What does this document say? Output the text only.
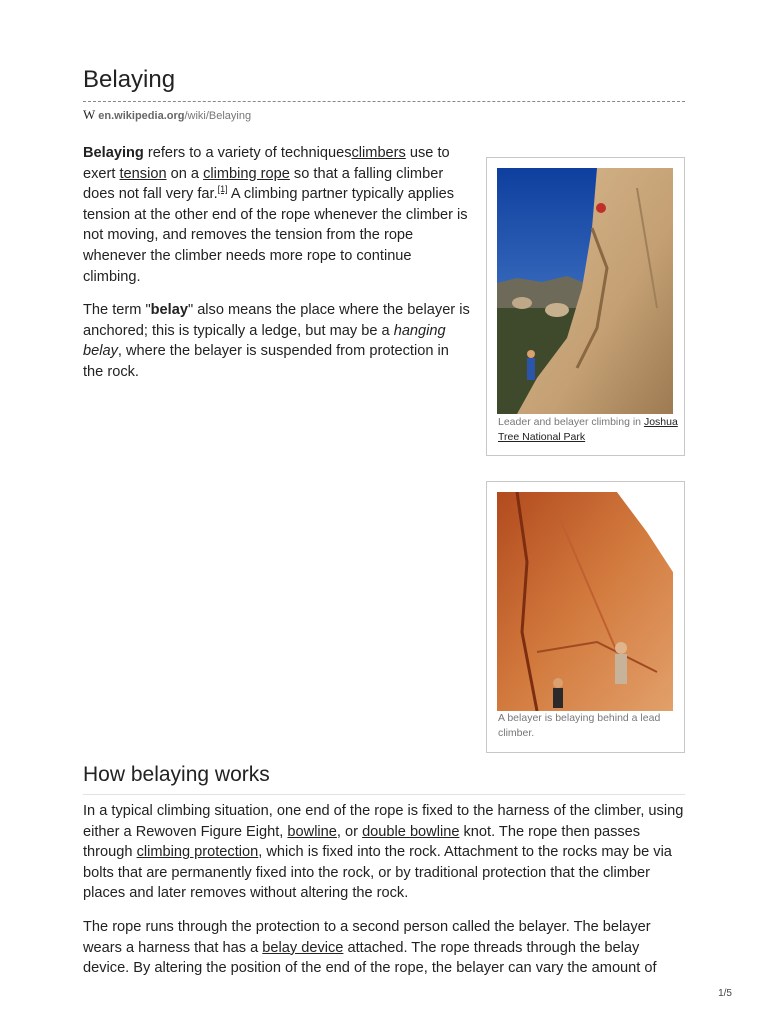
Belaying
W en.wikipedia.org/wiki/Belaying

Belaying refers to a variety of techniquesclimbers use to exert tension on a climbing rope so that a falling climber does not fall very far.[1] A climbing partner typically applies tension at the other end of the rope whenever the climber is not moving, and removes the tension from the rope whenever the climber needs more rope to continue climbing.

The term "belay" also means the place where the belayer is anchored; this is typically a ledge, but may be a hanging belay, where the belayer is suspended from protection in the rock.

Leader and belayer climbing in Joshua Tree National Park
A belayer is belaying behind a lead climber.
How belaying works

In a typical climbing situation, one end of the rope is fixed to the harness of the climber, using either a Rewoven Figure Eight, bowline, or double bowline knot. The rope then passes through climbing protection, which is fixed into the rock. Attachment to the rocks may be via bolts that are permanently fixed into the rock, or by traditional protection that the climber places and later removes without altering the rock.

The rope runs through the protection to a second person called the belayer. The belayer wears a harness that has a belay device attached. The rope threads through the belay device. By altering the position of the end of the rope, the belayer can vary the amount of

1/5
